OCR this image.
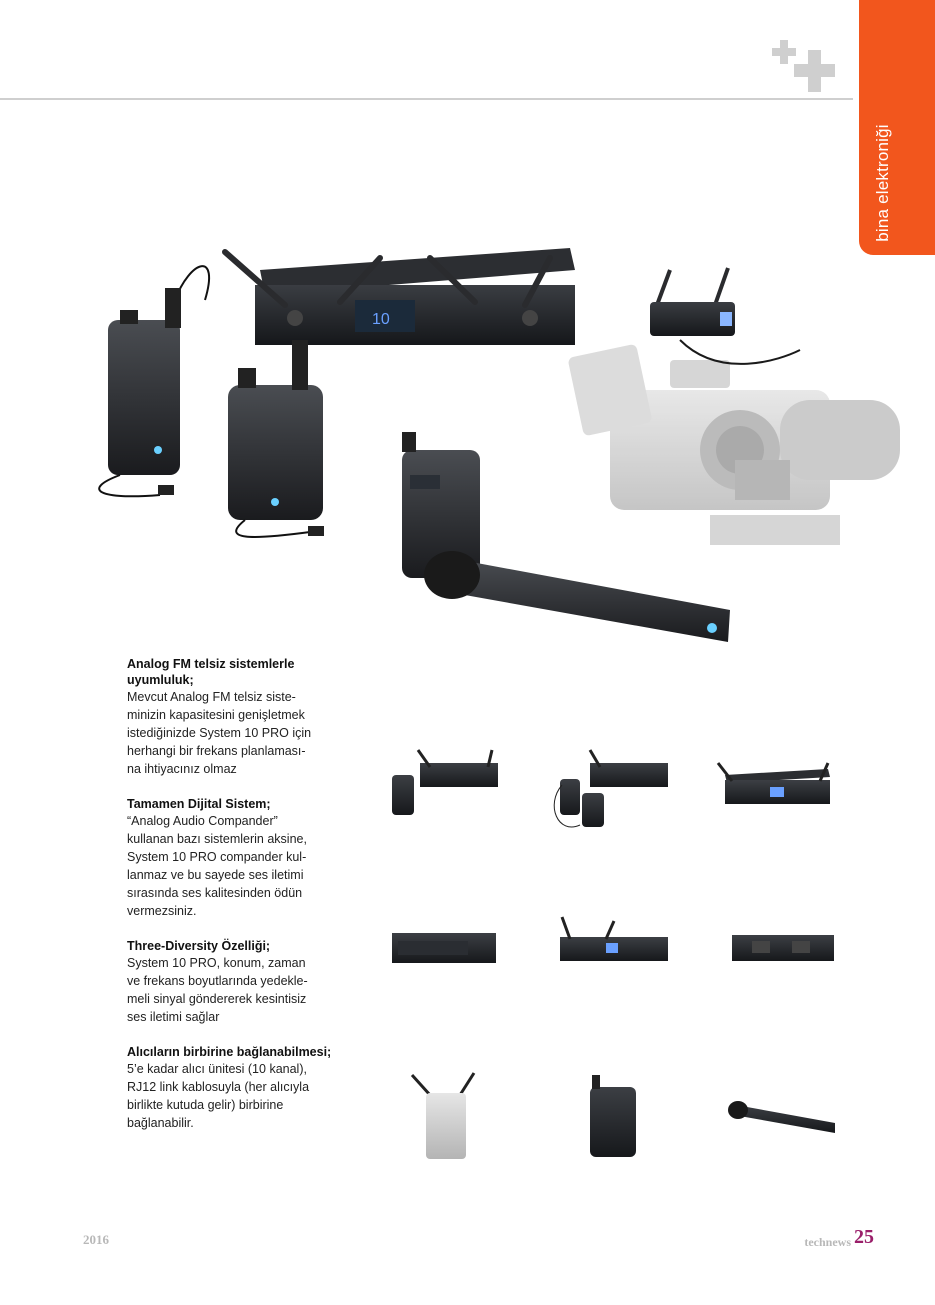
bina elektroniği
10
Analog FM telsiz sistemlerle uyumluluk;

Mevcut Analog FM telsiz siste-
minizin kapasitesini genişletmek
istediğinizde System 10 PRO için
herhangi bir frekans planlaması-
na ihtiyacınız olmaz

Tamamen Dijital Sistem;

“Analog Audio Compander”
kullanan bazı sistemlerin aksine,
System 10 PRO compander kul-
lanmaz ve bu sayede ses iletimi
sırasında ses kalitesinden ödün
vermezsiniz.

Three-Diversity Özelliği;

System 10 PRO, konum, zaman
ve frekans boyutlarında yedekle-
meli sinyal göndererek kesintisiz
ses iletimi sağlar

Alıcıların birbirine bağlanabilmesi;

5’e kadar alıcı ünitesi (10 kanal),
RJ12 link kablosuyla (her alıcıyla
birlikte kutuda gelir) birbirine
bağlanabilir.

2016	technews 25
